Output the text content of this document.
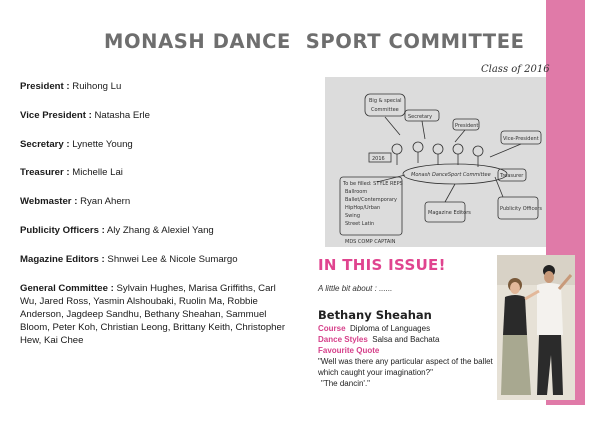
MONASH DANCE  SPORT COMMITTEE
Class of 2016
President : Ruihong Lu
Vice President : Natasha Erle
Secretary : Lynette Young
Treasurer : Michelle Lai
Webmaster : Ryan Ahern
Publicity Officers : Aly Zhang & Alexiel Yang
Magazine Editors : Shnwei Lee & Nicole Sumargo
General Committee : Sylvain Hughes, Marisa Griffiths, Carl Wu, Jared Ross, Yasmin Alshoubaki, Ruolin Ma, Robbie Anderson, Jagdeep Sandhu, Bethany Sheahan, Sammuel Bloom, Peter Koh, Christian Leong, Brittany Keith, Christopher Hew, Kai Chee
Big & special
Committee
Secretary
President
Vice-President
Treasurer
2016
Monash DanceSport Committee
To be filled: STYLE REPS
Ballroom
Ballet/Contemporary
HipHop/Urban
Swing
Street Latin
Magazine Editors
Publicity Officers
MDS COMP CAPTAIN
IN THIS ISSUE!
A little bit about : ......
Bethany Sheahan
Course Diploma of Languages
Dance Styles Salsa and Bachata
Favourite Quote
"Well was there any particular aspect of the ballet which caught your imagination?"
"The dancin'."
